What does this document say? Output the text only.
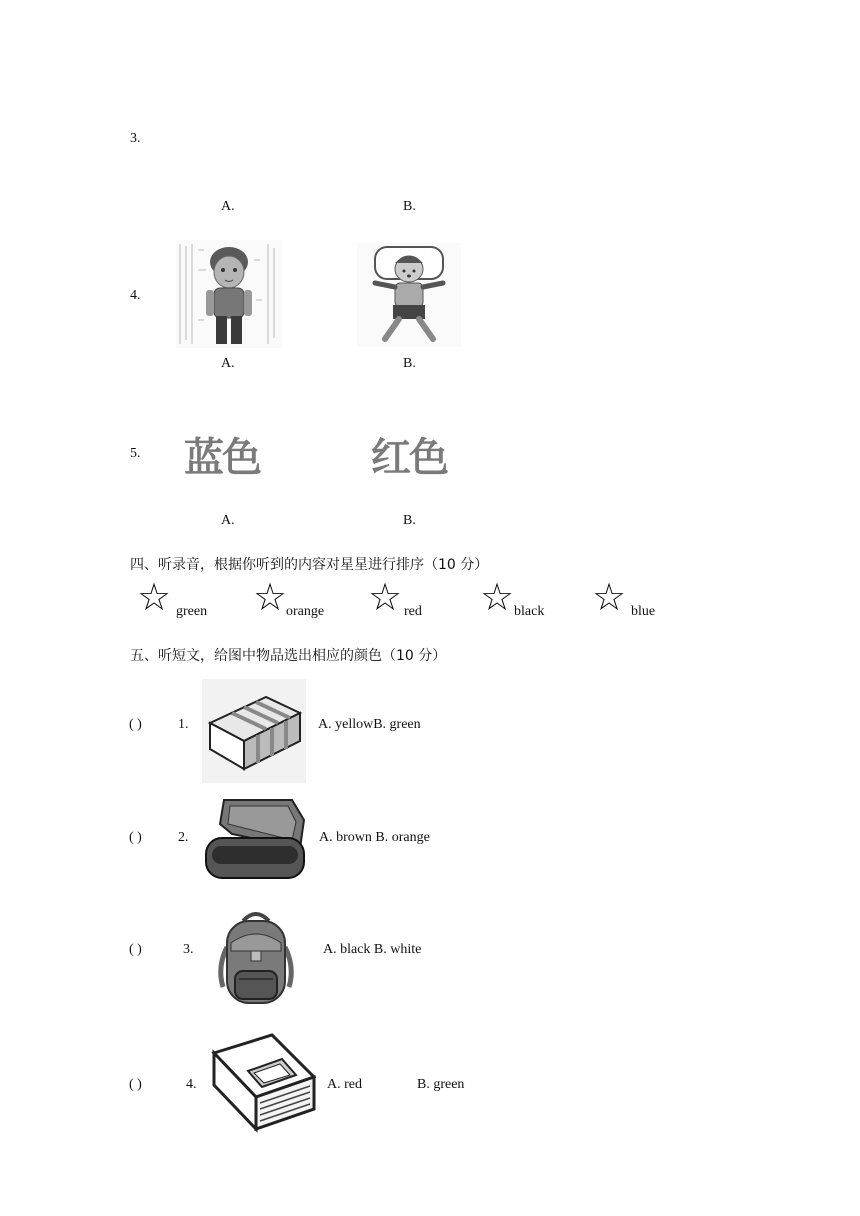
3.
A.	B.
4.
A.	B.
5. 蓝色	红色
A.	B.
四、听录音，根据你听到的内容对星星进行排序（10 分）
☆ green ☆
orange ☆ red ☆ black ☆ blue
五、听短文，给图中物品选出相应的颜色（10 分）
( )	1.	A. yellowB. green
( )	2.	A. brown B. orange
( )	3.	A. black B. white
( )	4.	A. red	B. green
